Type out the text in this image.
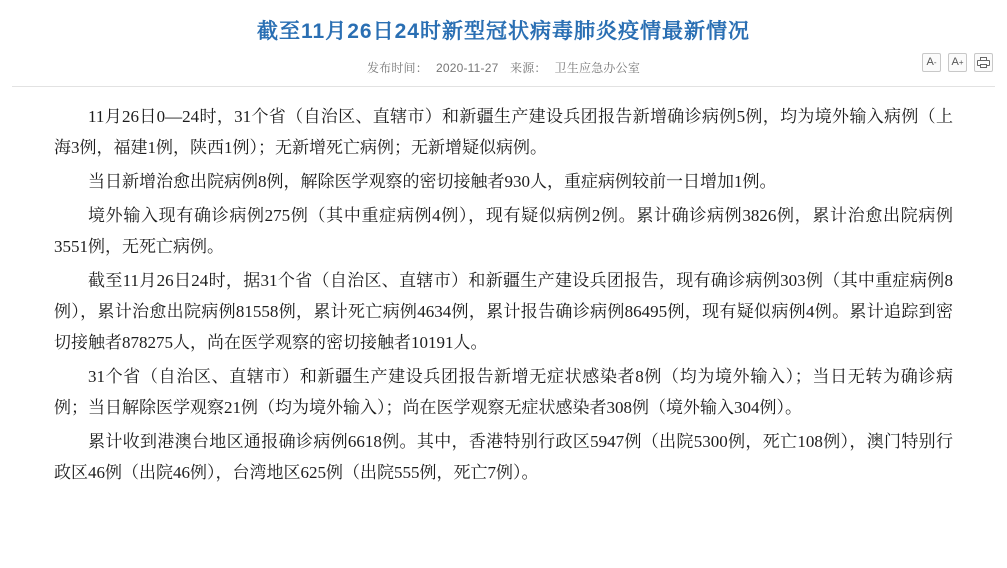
截至11月26日24时新型冠状病毒肺炎疫情最新情况
发布时间： 2020-11-27 来源： 卫生应急办公室	A - A +

11月26日0—24时，31个省（自治区、直辖市）和新疆生产建设兵团报告新增确诊病例5例，均为境外输入病例（上海3例，福建1例，陕西1例）；无新增死亡病例；无新增疑似病例。

当日新增治愈出院病例8例，解除医学观察的密切接触者930人，重症病例较前一日增加1例。

境外输入现有确诊病例275例（其中重症病例4例），现有疑似病例2例。累计确诊病例3826例，累计治愈出院病例3551例，无死亡病例。

截至11月26日24时，据31个省（自治区、直辖市）和新疆生产建设兵团报告，现有确诊病例303例（其中重症病例8例），累计治愈出院病例81558例，累计死亡病例4634例，累计报告确诊病例86495例，现有疑似病例4例。累计追踪到密切接触者878275人，尚在医学观察的密切接触者10191人。

31个省（自治区、直辖市）和新疆生产建设兵团报告新增无症状感染者8例（均为境外输入）；当日无转为确诊病例；当日解除医学观察21例（均为境外输入）；尚在医学观察无症状感染者308例（境外输入304例）。

累计收到港澳台地区通报确诊病例6618例。其中，香港特别行政区5947例（出院5300例，死亡108例），澳门特别行政区46例（出院46例），台湾地区625例（出院555例，死亡7例）。
